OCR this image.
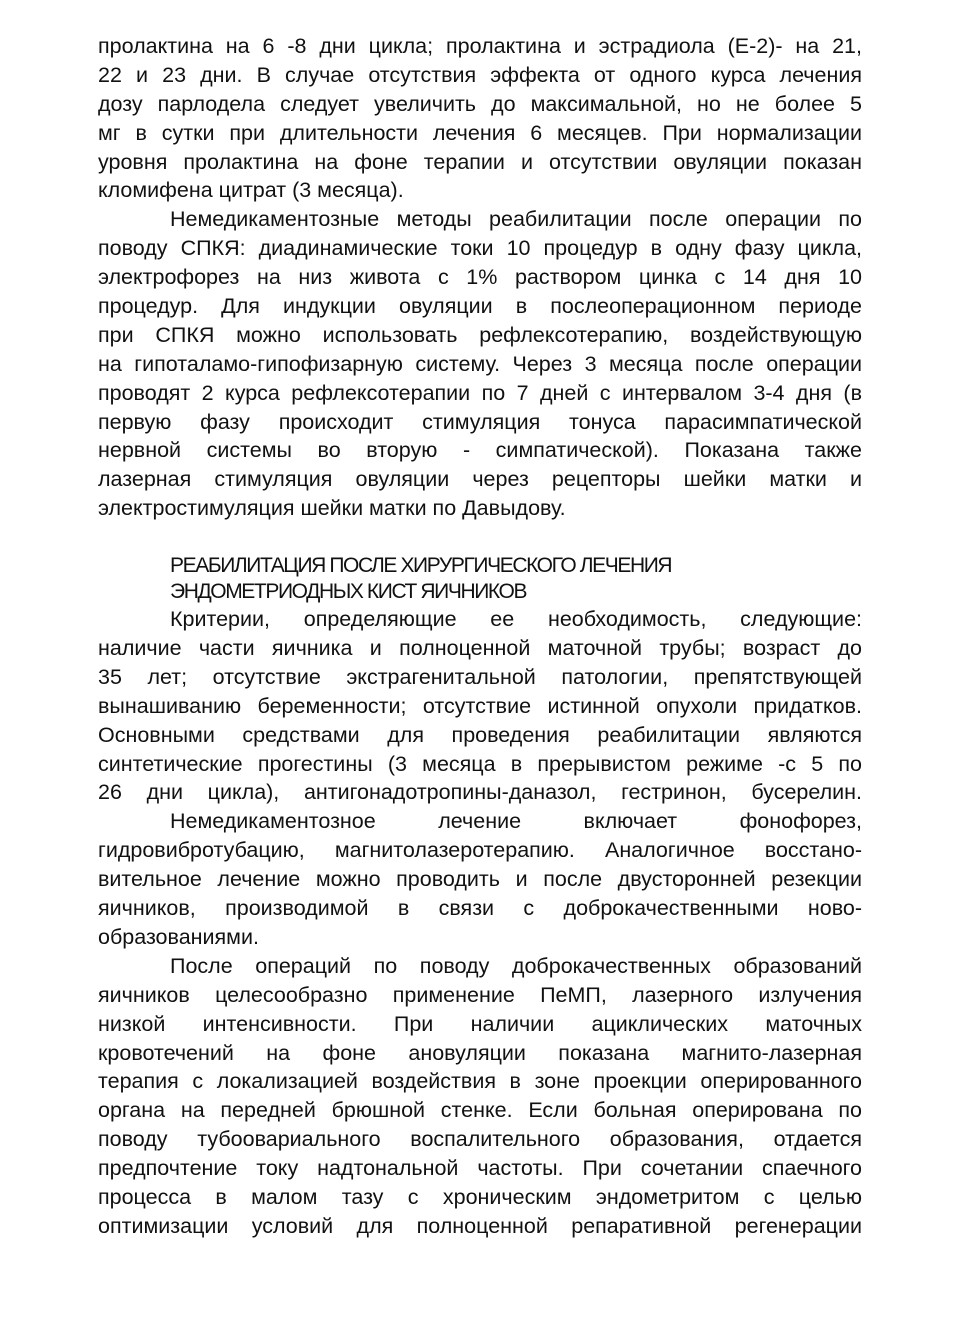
пролактина на 6 -8 дни цикла; пролактина и эстрадиола (Е-2)- на 21,
22 и 23 дни. В случае отсутствия эффекта от одного курса лечения
дозу парлодела следует увеличить до максимальной, но не более 5
мг в сутки при длительности лечения 6 месяцев. При нормализации
уровня пролактина на фоне терапии и отсутствии овуляции показан
кломифена цитрат (3 месяца).
Немедикаментозные методы реабилитации после операции по
поводу СПКЯ: диадинамические токи 10 процедур в одну фазу цикла,
электрофорез на низ живота с 1% раствором цинка с 14 дня 10
процедур. Для индукции овуляции в послеоперационном периоде
при СПКЯ можно использовать рефлексотерапию, воздействующую
на гипоталамо-гипофизарную систему. Через 3 месяца после операции
проводят 2 курса рефлексотерапии по 7 дней с интервалом 3-4 дня (в
первую фазу происходит стимуляция тонуса парасимпатической
нервной системы во вторую - симпатической). Показана также
лазерная стимуляция овуляции через рецепторы шейки матки и
электростимуляция шейки матки по Давыдову.
РЕАБИЛИТАЦИЯ ПОСЛЕ ХИРУРГИЧЕСКОГО ЛЕЧЕНИЯ
ЭНДОМЕТРИОДНЫХ КИСТ ЯИЧНИКОВ
Критерии, определяющие ее необходимость, следующие:
наличие части яичника и полноценной маточной трубы; возраст до
35 лет; отсутствие экстрагенитальной патологии, препятствующей
вынашиванию беременности; отсутствие истинной опухоли придатков.
Основными средствами для проведения реабилитации являются
синтетические прогестины (3 месяца в прерывистом режиме -с 5 по
26 дни цикла), антигонадотропины-даназол, гестринон, бусерелин.
Немедикаментозное лечение включает фонофорез,
гидровибротубацию, магнитолазеротерапию. Аналогичное восстано-
вительное лечение можно проводить и после двусторонней резекции
яичников, производимой в связи с доброкачественными ново-
образованиями.
После операций по поводу доброкачественных образований
яичников целесообразно применение ПеМП, лазерного излучения
низкой интенсивности. При наличии ациклических маточных
кровотечений на фоне ановуляции показана магнито-лазерная
терапия с локализацией воздействия в зоне проекции оперированного
органа на передней брюшной стенке. Если больная оперирована по
поводу тубоовариального воспалительного образования, отдается
предпочтение току надтональной частоты. При сочетании спаечного
процесса в малом тазу с хроническим эндометритом с целью
оптимизации условий для полноценной репаративной регенерации
